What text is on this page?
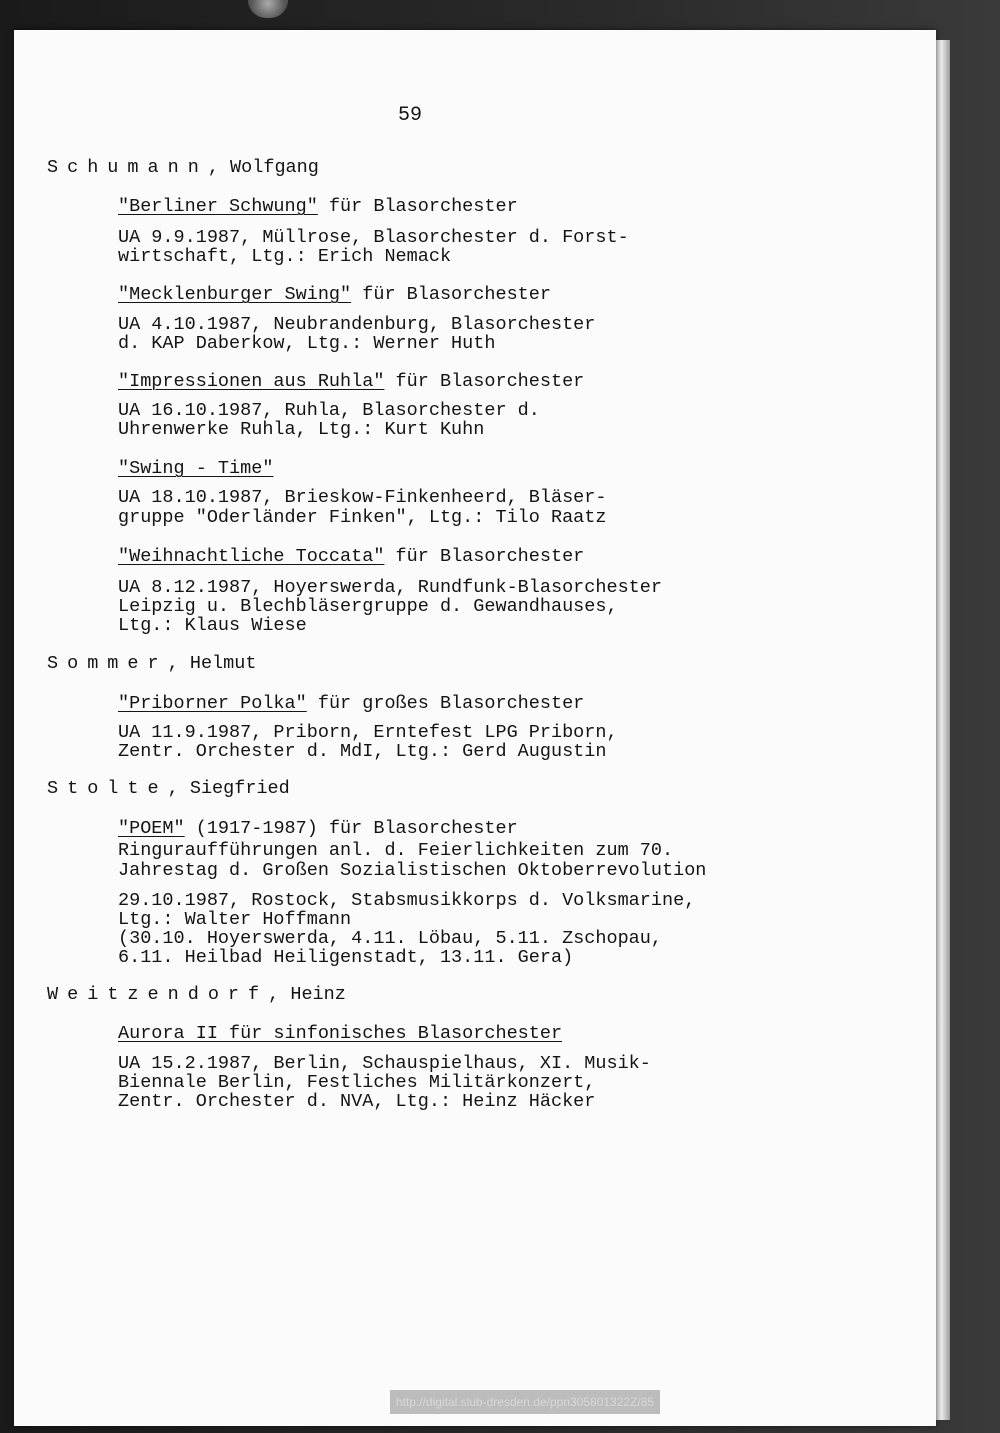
59
Schumann, Wolfgang
"Berliner Schwung" für Blasorchester
UA 9.9.1987, Müllrose, Blasorchester d. Forst-
wirtschaft, Ltg.: Erich Nemack
"Mecklenburger Swing" für Blasorchester
UA 4.10.1987, Neubrandenburg, Blasorchester
d. KAP Daberkow, Ltg.: Werner Huth
"Impressionen aus Ruhla" für Blasorchester
UA 16.10.1987, Ruhla, Blasorchester d.
Uhrenwerke Ruhla, Ltg.: Kurt Kuhn
"Swing - Time"
UA 18.10.1987, Brieskow-Finkenheerd, Bläser-
gruppe "Oderländer Finken", Ltg.: Tilo Raatz
"Weihnachtliche Toccata" für Blasorchester
UA 8.12.1987, Hoyerswerda, Rundfunk-Blasorchester
Leipzig u. Blechbläsergruppe d. Gewandhauses,
Ltg.: Klaus Wiese
Sommer, Helmut
"Priborner Polka" für großes Blasorchester
UA 11.9.1987, Priborn, Erntefest LPG Priborn,
Zentr. Orchester d. MdI, Ltg.: Gerd Augustin
Stolte, Siegfried
"POEM" (1917-1987) für Blasorchester
Ringuraufführungen anl. d. Feierlichkeiten zum 70.
Jahrestag d. Großen Sozialistischen Oktoberrevolution
29.10.1987, Rostock, Stabsmusikkorps d. Volksmarine,
Ltg.: Walter Hoffmann
(30.10. Hoyerswerda, 4.11. Löbau, 5.11. Zschopau,
6.11. Heilbad Heiligenstadt, 13.11. Gera)
Weitzendorf, Heinz
Aurora II für sinfonisches Blasorchester
UA 15.2.1987, Berlin, Schauspielhaus, XI. Musik-
Biennale Berlin, Festliches Militärkonzert,
Zentr. Orchester d. NVA, Ltg.: Heinz Häcker
http://digital.slub-dresden.de/ppn305801322Z/85
